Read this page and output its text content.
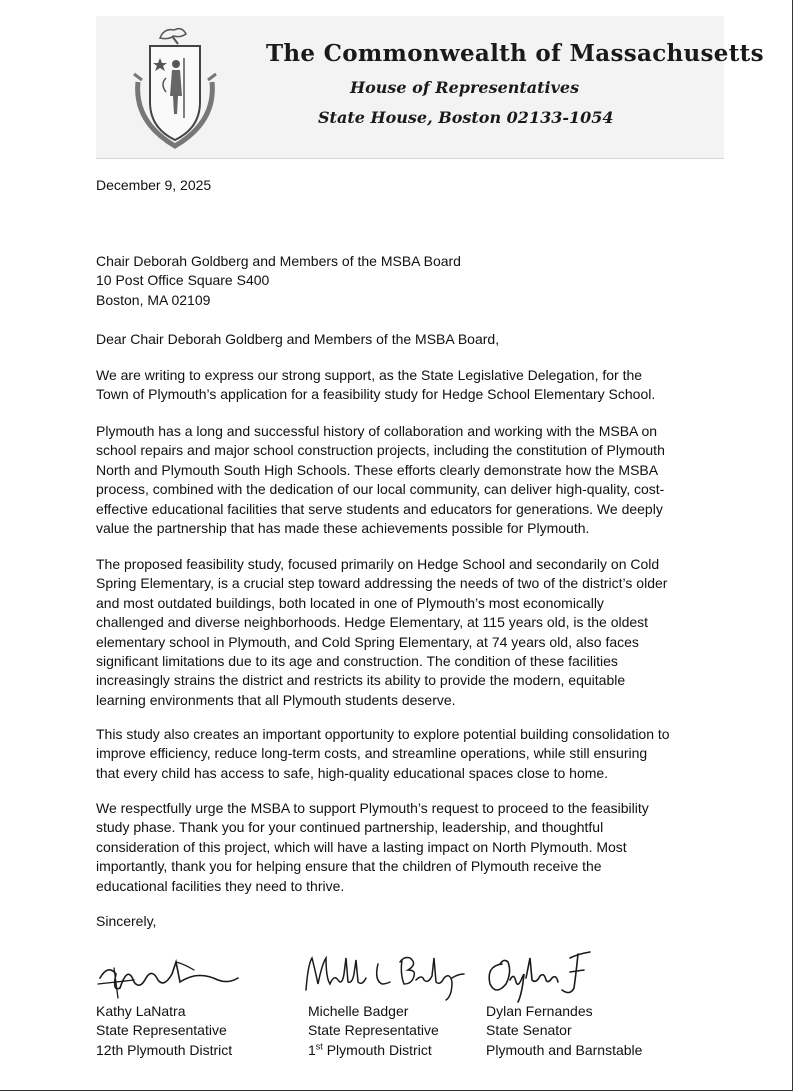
The Commonwealth of Massachusetts
House of Representatives
State House, Boston 02133-1054
December 9, 2025
Chair Deborah Goldberg and Members of the MSBA Board
10 Post Office Square S400
Boston, MA 02109
Dear Chair Deborah Goldberg and Members of the MSBA Board,
We are writing to express our strong support, as the State Legislative Delegation, for the
Town of Plymouth’s application for a feasibility study for Hedge School Elementary School.
Plymouth has a long and successful history of collaboration and working with the MSBA on
school repairs and major school construction projects, including the constitution of Plymouth
North and Plymouth South High Schools. These efforts clearly demonstrate how the MSBA
process, combined with the dedication of our local community, can deliver high-quality, cost-
effective educational facilities that serve students and educators for generations. We deeply
value the partnership that has made these achievements possible for Plymouth.
The proposed feasibility study, focused primarily on Hedge School and secondarily on Cold
Spring Elementary, is a crucial step toward addressing the needs of two of the district’s older
and most outdated buildings, both located in one of Plymouth’s most economically
challenged and diverse neighborhoods. Hedge Elementary, at 115 years old, is the oldest
elementary school in Plymouth, and Cold Spring Elementary, at 74 years old, also faces
significant limitations due to its age and construction. The condition of these facilities
increasingly strains the district and restricts its ability to provide the modern, equitable
learning environments that all Plymouth students deserve.
This study also creates an important opportunity to explore potential building consolidation to
improve efficiency, reduce long-term costs, and streamline operations, while still ensuring
that every child has access to safe, high-quality educational spaces close to home.
We respectfully urge the MSBA to support Plymouth’s request to proceed to the feasibility
study phase. Thank you for your continued partnership, leadership, and thoughtful
consideration of this project, which will have a lasting impact on North Plymouth. Most
importantly, thank you for helping ensure that the children of Plymouth receive the
educational facilities they need to thrive.
Sincerely,
Kathy LaNatra
State Representative
12th Plymouth District
Michelle Badger
State Representative
1st Plymouth District
Dylan Fernandes
State Senator
Plymouth and Barnstable
